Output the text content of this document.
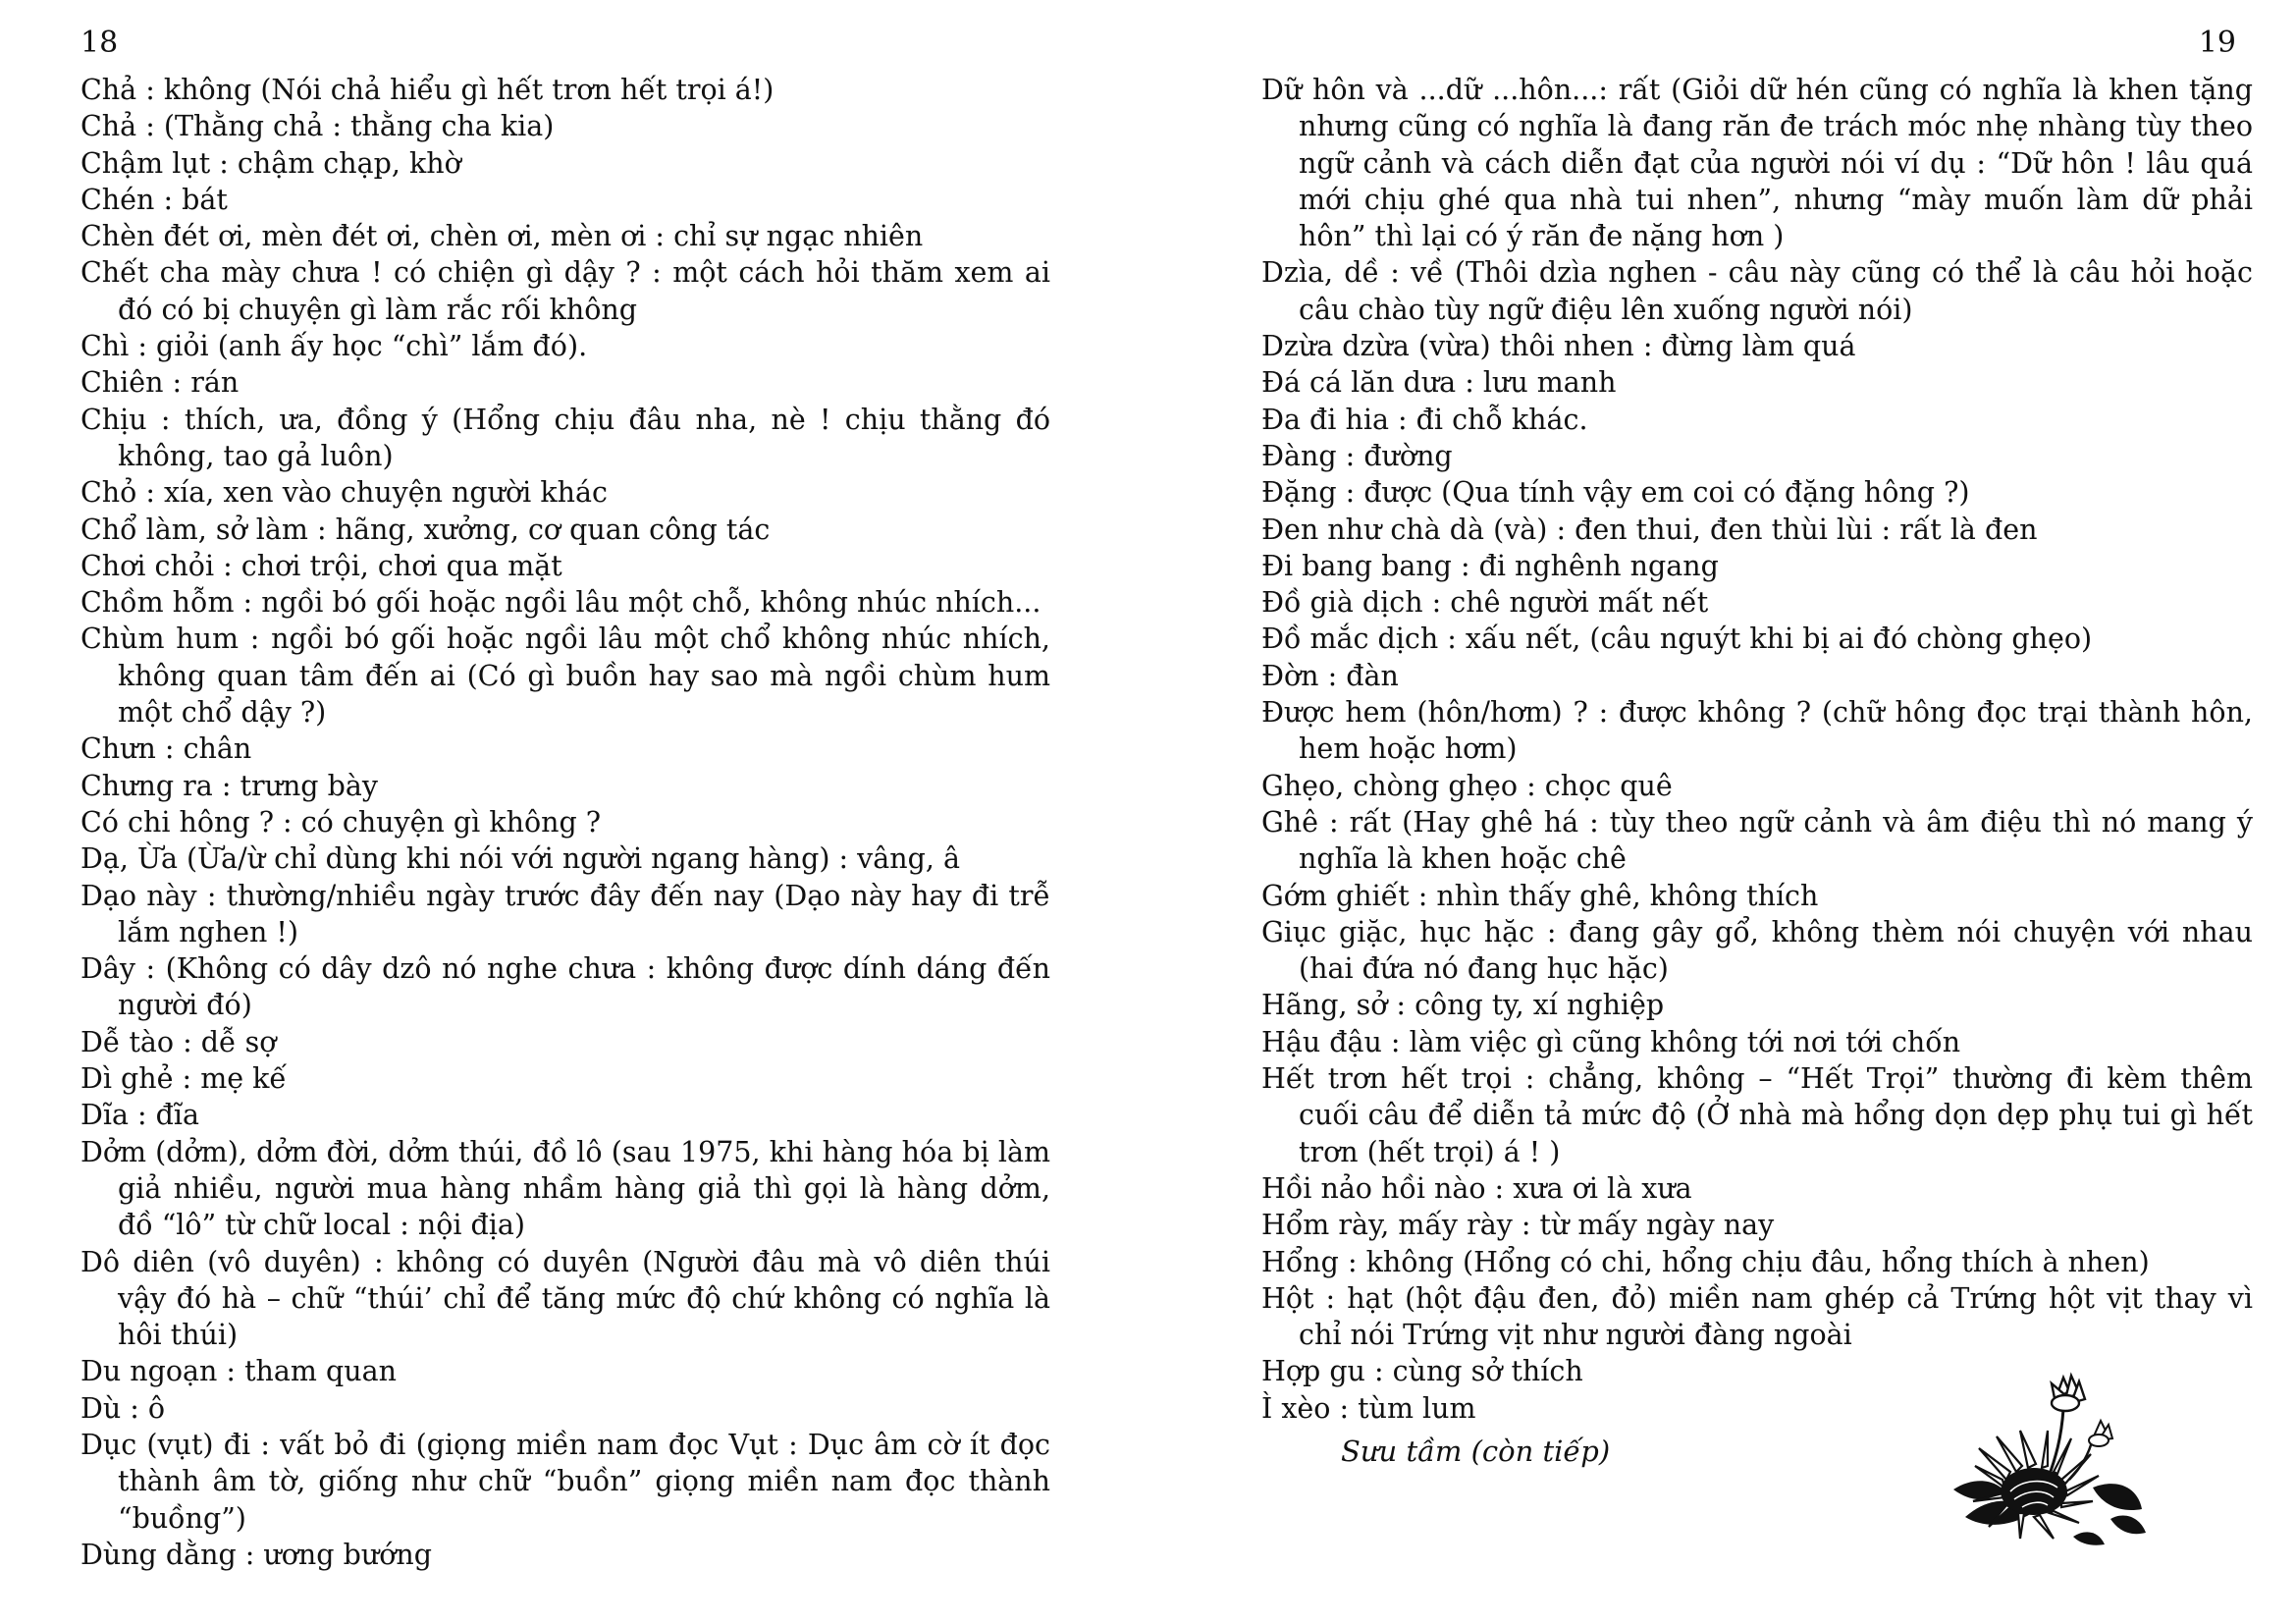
18
Chả : không (Nói chả hiểu gì hết trơn hết trọi á!)
Chả : (Thằng chả : thằng cha kia)
Chậm lụt : chậm chạp, khờ
Chén : bát
Chèn đét ơi, mèn đét ơi, chèn ơi, mèn ơi : chỉ sự ngạc nhiên
Chết cha mày chưa ! có chiện gì dậy ? : một cách hỏi thăm xem ai đó có bị chuyện gì làm rắc rối không
Chì : giỏi (anh ấy học “chì” lắm đó).
Chiên : rán
Chịu : thích, ưa, đồng ý (Hổng chịu đâu nha, nè ! chịu thằng đó không, tao gả luôn)
Chỏ : xía, xen vào chuyện người khác
Chổ làm, sở làm : hãng, xưởng, cơ quan công tác
Chơi chỏi : chơi trội, chơi qua mặt
Chồm hỗm : ngồi bó gối hoặc ngồi lâu một chỗ, không nhúc nhích...
Chùm hum : ngồi bó gối hoặc ngồi lâu một chổ không nhúc nhích, không quan tâm đến ai (Có gì buồn hay sao mà ngồi chùm hum một chổ dậy ?)
Chưn : chân
Chưng ra : trưng bày
Có chi hông ? : có chuyện gì không ?
Dạ, Ừa (Ừa/ừ chỉ dùng khi nói với người ngang hàng) : vâng, â
Dạo này : thường/nhiều ngày trước đây đến nay (Dạo này hay đi trễ lắm nghen !)
Dây : (Không có dây dzô nó nghe chưa : không được dính dáng đến người đó)
Dễ tào : dễ sợ
Dì ghẻ : mẹ kế
Dĩa : đĩa
Dởm (dởm), dởm đời, dởm thúi, đồ lô (sau 1975, khi hàng hóa bị làm giả nhiều, người mua hàng nhầm hàng giả thì gọi là hàng dởm, đồ “lô” từ chữ local : nội địa)
Dô diên (vô duyên) : không có duyên (Người đâu mà vô diên thúi vậy đó hà – chữ “thúi’ chỉ để tăng mức độ chứ không có nghĩa là hôi thúi)
Du ngoạn : tham quan
Dù : ô
Dục (vụt) đi : vất bỏ đi (giọng miền nam đọc Vụt : Dục âm cờ ít đọc thành âm tờ, giống như chữ “buồn” giọng miền nam đọc thành “buồng”)
Dùng dằng : ương bướng
19
Dữ hôn và ...dữ ...hôn...: rất (Giỏi dữ hén cũng có nghĩa là khen tặng nhưng cũng có nghĩa là đang răn đe trách móc nhẹ nhàng tùy theo ngữ cảnh và cách diễn đạt của người nói ví dụ : “Dữ hôn ! lâu quá mới chịu ghé qua nhà tui nhen”, nhưng “mày muốn làm dữ phải hôn” thì lại có ý răn đe nặng hơn )
Dzìa, dề : về (Thôi dzìa nghen - câu này cũng có thể là câu hỏi hoặc câu chào tùy ngữ điệu lên xuống người nói)
Dzừa dzừa (vừa) thôi nhen : đừng làm quá
Đá cá lăn dưa : lưu manh
Đa đi hia : đi chỗ khác.
Đàng : đường
Đặng : được (Qua tính vậy em coi có đặng hông ?)
Đen như chà dà (và) : đen thui, đen thùi lùi : rất là đen
Đi bang bang : đi nghênh ngang
Đồ già dịch : chê người mất nết
Đồ mắc dịch : xấu nết, (câu nguýt khi bị ai đó chòng ghẹo)
Đờn : đàn
Được hem (hôn/hơm) ? : được không ? (chữ hông đọc trại thành hôn, hem hoặc hơm)
Ghẹo, chòng ghẹo : chọc quê
Ghê : rất (Hay ghê há : tùy theo ngữ cảnh và âm điệu thì nó mang ý nghĩa là khen hoặc chê
Gớm ghiết : nhìn thấy ghê, không thích
Giục giặc, hục hặc : đang gây gổ, không thèm nói chuyện với nhau (hai đứa nó đang hục hặc)
Hãng, sở : công ty, xí nghiệp
Hậu đậu : làm việc gì cũng không tới nơi tới chốn
Hết trơn hết trọi : chẳng, không – “Hết Trọi” thường đi kèm thêm cuối câu để diễn tả mức độ (Ở nhà mà hổng dọn dẹp phụ tui gì hết trơn (hết trọi) á ! )
Hồi nảo hồi nào : xưa ơi là xưa
Hổm rày, mấy rày : từ mấy ngày nay
Hổng : không (Hổng có chi, hổng chịu đâu, hổng thích à nhen)
Hột : hạt (hột đậu đen, đỏ) miền nam ghép cả Trứng hột vịt thay vì chỉ nói Trứng vịt như người đàng ngoài
Hợp gu : cùng sở thích
Ì xèo : tùm lum
Sưu tầm (còn tiếp)
